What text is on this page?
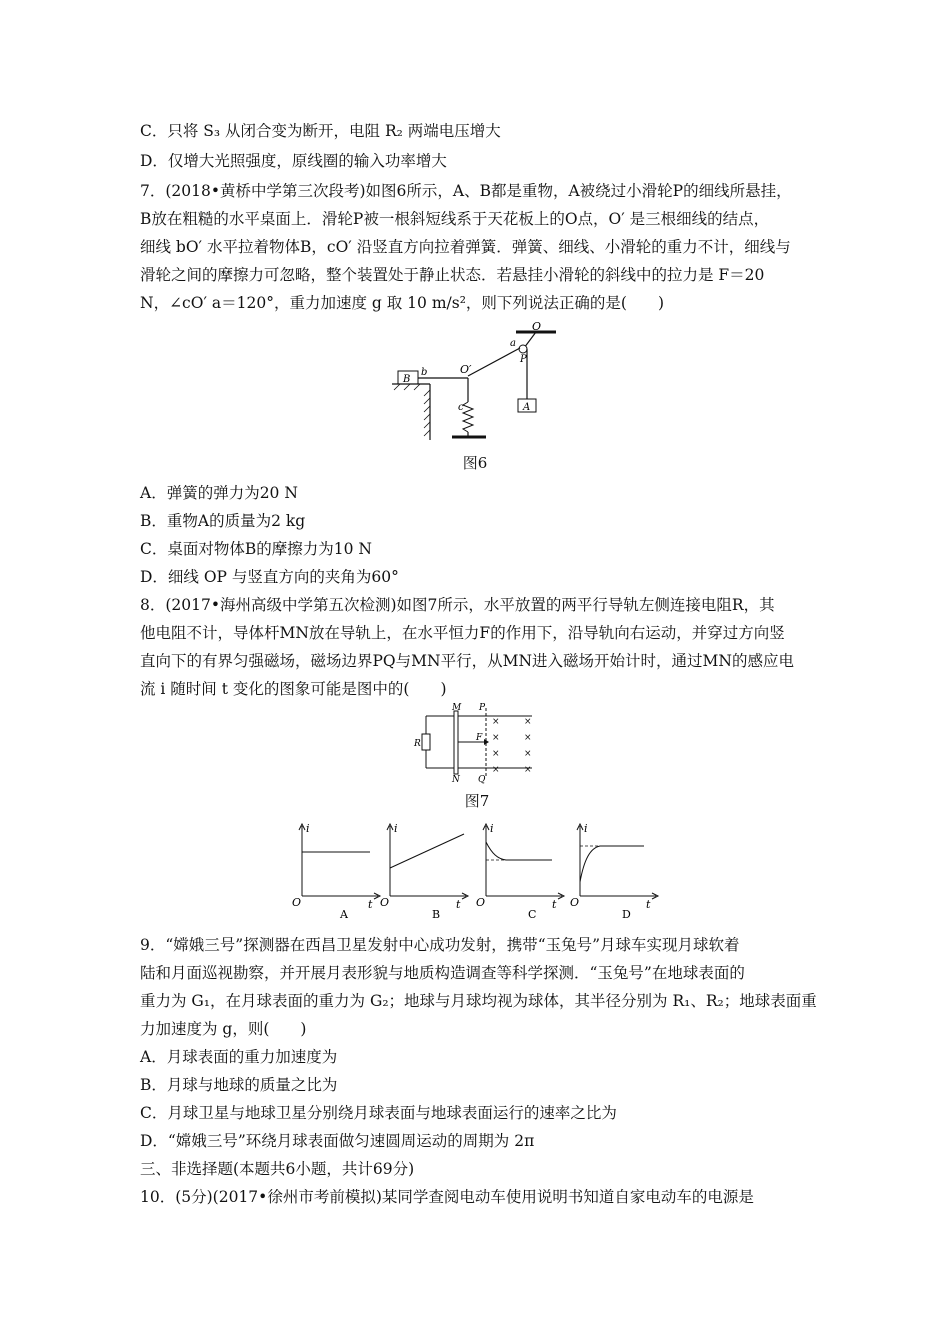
C．只将 S₃ 从闭合变为断开，电阻 R₂ 两端电压增大
D．仅增大光照强度，原线圈的输入功率增大
7．(2018•黄桥中学第三次段考)如图6所示，A、B都是重物，A被绕过小滑轮P的细线所悬挂，
B放在粗糙的水平桌面上．滑轮P被一根斜短线系于天花板上的O点，O′ 是三根细线的结点，
细线 bO′ 水平拉着物体B，cO′ 沿竖直方向拉着弹簧．弹簧、细线、小滑轮的重力不计，细线与
滑轮之间的摩擦力可忽略，整个装置处于静止状态．若悬挂小滑轮的斜线中的拉力是 F＝20
N，∠cO′ a＝120°，重力加速度 g 取 10 m/s²，则下列说法正确的是(　　)
O
a
P
O′
b
B
c	A
图6
A．弹簧的弹力为20 N
B．重物A的质量为2 kg
C．桌面对物体B的摩擦力为10 N
D．细线 OP 与竖直方向的夹角为60°
8．(2017•海州高级中学第五次检测)如图7所示，水平放置的两平行导轨左侧连接电阻R，其
他电阻不计，导体杆MN放在导轨上，在水平恒力F的作用下，沿导轨向右运动，并穿过方向竖
直向下的有界匀强磁场，磁场边界PQ与MN平行，从MN进入磁场开始计时，通过MN的感应电
流 i 随时间 t 变化的图象可能是图中的(　　)
×	×
×	×
×	×
×	×
M P
R
F
N Q
图7
i
O	t
A
i
O	t
B
i
O	t
C
i
O	t
D
9．“嫦娥三号”探测器在西昌卫星发射中心成功发射，携带“玉兔号”月球车实现月球软着
陆和月面巡视勘察，并开展月表形貌与地质构造调查等科学探测．“玉兔号”在地球表面的
重力为 G₁，在月球表面的重力为 G₂；地球与月球均视为球体，其半径分别为 R₁、R₂；地球表面重
力加速度为 g，则(　　)
A．月球表面的重力加速度为
B．月球与地球的质量之比为
C．月球卫星与地球卫星分别绕月球表面与地球表面运行的速率之比为
D．“嫦娥三号”环绕月球表面做匀速圆周运动的周期为 2π
三、非选择题(本题共6小题，共计69分)
10．(5分)(2017•徐州市考前模拟)某同学查阅电动车使用说明书知道自家电动车的电源是
